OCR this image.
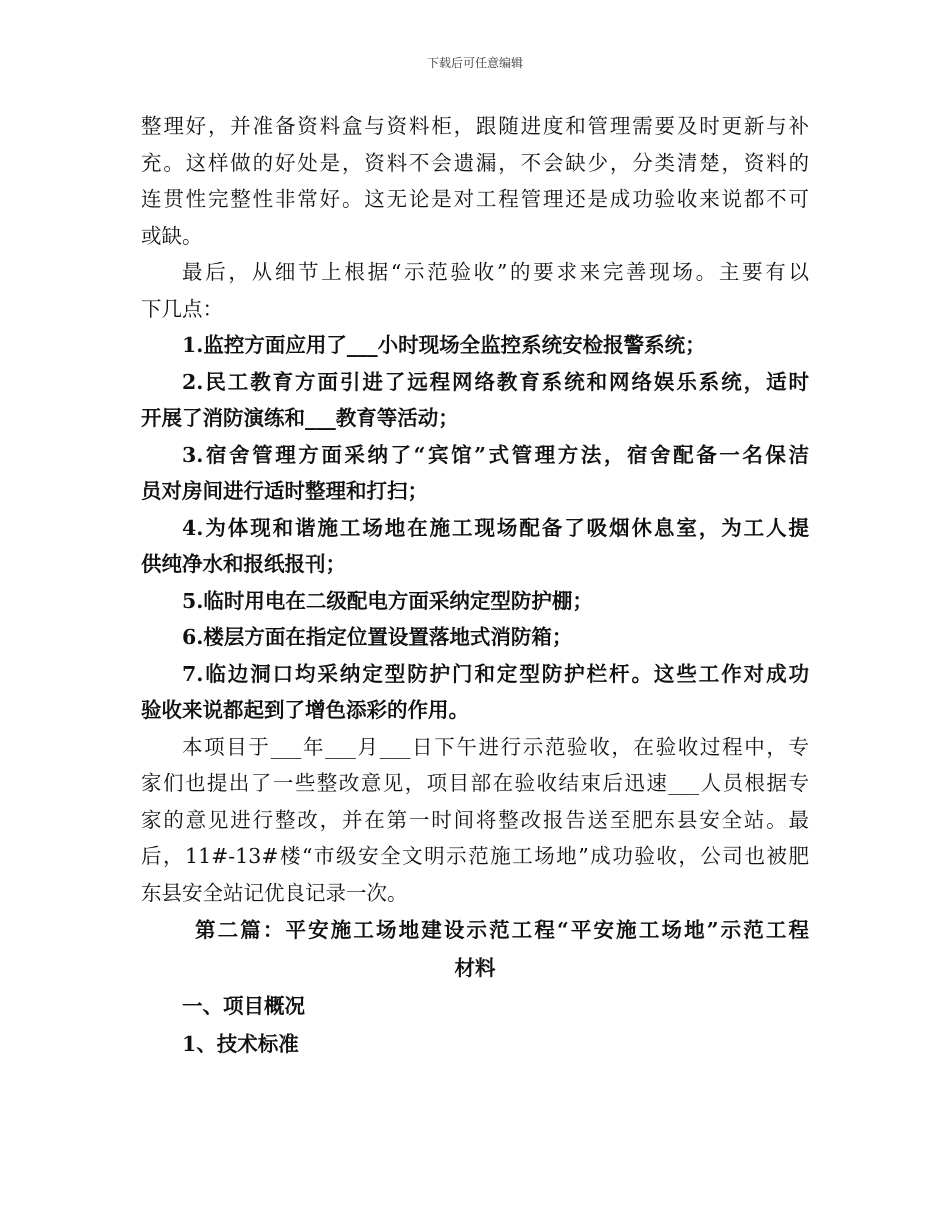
下载后可任意编辑
整理好，并准备资料盒与资料柜，跟随进度和管理需要及时更新与补
充。这样做的好处是，资料不会遗漏，不会缺少，分类清楚，资料的
连贯性完整性非常好。这无论是对工程管理还是成功验收来说都不可
或缺。
最后，从细节上根据“示范验收”的要求来完善现场。主要有以
下几点：
1.监控方面应用了___小时现场全监控系统安检报警系统；
2.民工教育方面引进了远程网络教育系统和网络娱乐系统，适时
开展了消防演练和___教育等活动；
3.宿舍管理方面采纳了“宾馆”式管理方法，宿舍配备一名保洁
员对房间进行适时整理和打扫；
4.为体现和谐施工场地在施工现场配备了吸烟休息室，为工人提
供纯净水和报纸报刊；
5.临时用电在二级配电方面采纳定型防护棚；
6.楼层方面在指定位置设置落地式消防箱；
7.临边洞口均采纳定型防护门和定型防护栏杆。这些工作对成功
验收来说都起到了增色添彩的作用。
本项目于___年___月___日下午进行示范验收，在验收过程中，专
家们也提出了一些整改意见，项目部在验收结束后迅速___人员根据专
家的意见进行整改，并在第一时间将整改报告送至肥东县安全站。最
后，11#-13#楼“市级安全文明示范施工场地”成功验收，公司也被肥
东县安全站记优良记录一次。
第二篇：平安施工场地建设示范工程“平安施工场地”示范工程
材料
一、项目概况
1、技术标准
